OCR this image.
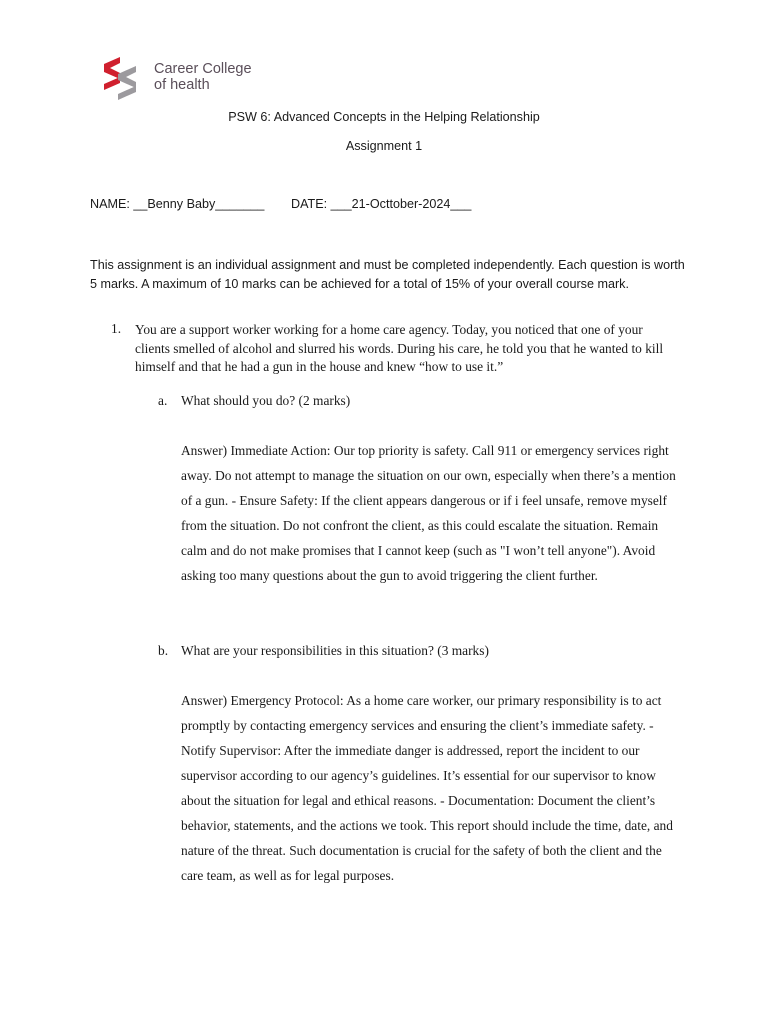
Career College
of health
PSW 6: Advanced Concepts in the Helping Relationship
Assignment 1
NAME: __Benny Baby_______ DATE: ___21-Octtober-2024___
This assignment is an individual assignment and must be completed independently. Each question is worth 5 marks. A maximum of 10 marks can be achieved for a total of 15% of your overall course mark.
1. You are a support worker working for a home care agency. Today, you noticed that one of your clients smelled of alcohol and slurred his words. During his care, he told you that he wanted to kill himself and that he had a gun in the house and knew “how to use it.”
a. What should you do? (2 marks)
Answer) Immediate Action: Our top priority is safety. Call 911 or emergency services right away. Do not attempt to manage the situation on our own, especially when there’s a mention of a gun. - Ensure Safety: If the client appears dangerous or if i feel unsafe, remove myself from the situation. Do not confront the client, as this could escalate the situation. Remain calm and do not make promises that I cannot keep (such as "I won’t tell anyone"). Avoid asking too many questions about the gun to avoid triggering the client further.
b. What are your responsibilities in this situation? (3 marks)
Answer) Emergency Protocol: As a home care worker, our primary responsibility is to act promptly by contacting emergency services and ensuring the client’s immediate safety. - Notify Supervisor: After the immediate danger is addressed, report the incident to our supervisor according to our agency’s guidelines. It’s essential for our supervisor to know about the situation for legal and ethical reasons. - Documentation: Document the client’s behavior, statements, and the actions we took. This report should include the time, date, and nature of the threat. Such documentation is crucial for the safety of both the client and the care team, as well as for legal purposes.
